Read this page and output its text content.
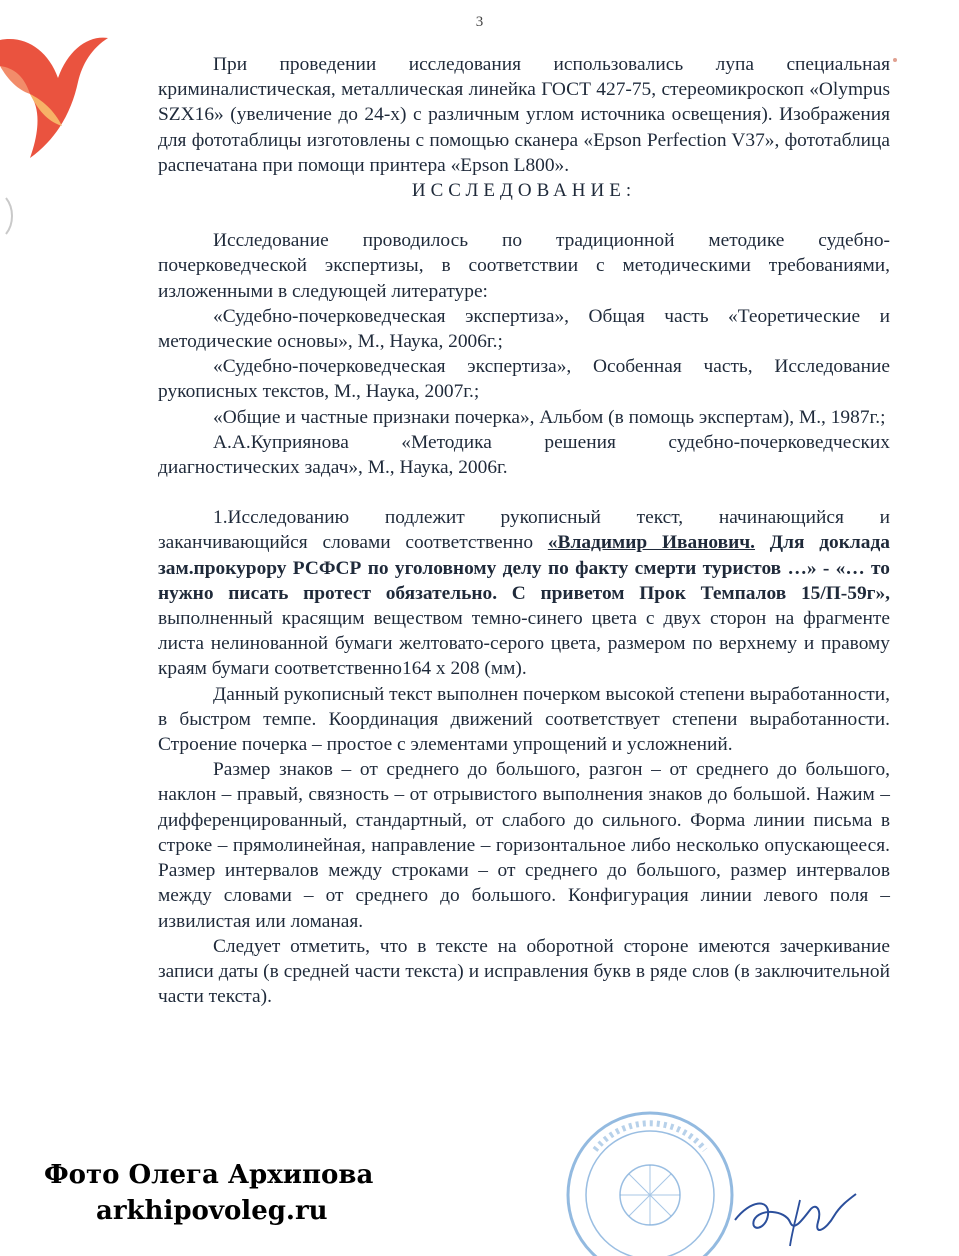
3

При проведении исследования использовались лупа специальная криминалистическая, металлическая линейка ГОСТ 427-75, стереомикроскоп «Olympus SZX16» (увеличение до 24-х) с различным углом источника освещения). Изображения для фототаблицы изготовлены с помощью сканера «Epson Perfection V37», фототаблица распечатана при помощи принтера «Epson L800».

ИССЛЕДОВАНИЕ:

Исследование проводилось по традиционной методике судебно-почерковедческой экспертизы, в соответствии с методическими требованиями, изложенными в следующей литературе:

«Судебно-почерковедческая экспертиза», Общая часть «Теоретические и методические основы», М., Наука, 2006г.;

«Судебно-почерковедческая экспертиза», Особенная часть, Исследование рукописных текстов, М., Наука, 2007г.;

«Общие и частные признаки почерка», Альбом (в помощь экспертам), М., 1987г.;

А.А.Куприянова «Методика решения судебно-почерковедческих диагностических задач», М., Наука, 2006г.

1.Исследованию подлежит рукописный текст, начинающийся и заканчивающийся словами соответственно «Владимир Иванович. Для доклада зам.прокурору РСФСР по уголовному делу по факту смерти туристов …» - «… то нужно писать протест обязательно. С приветом Прок Темпалов 15/П-59г», выполненный красящим веществом темно-синего цвета с двух сторон на фрагменте листа нелинованной бумаги желтовато-серого цвета, размером по верхнему и правому краям бумаги соответственно164 х 208 (мм).

Данный рукописный текст выполнен почерком высокой степени выработанности, в быстром темпе. Координация движений соответствует степени выработанности. Строение почерка – простое с элементами упрощений и усложнений.

Размер знаков – от среднего до большого, разгон – от среднего до большого, наклон – правый, связность – от отрывистого выполнения знаков до большой. Нажим – дифференцированный, стандартный, от слабого до сильного. Форма линии письма в строке – прямолинейная, направление – горизонтальное либо несколько опускающееся. Размер интервалов между строками – от среднего до большого, размер интервалов между словами – от среднего до большого. Конфигурация линии левого поля – извилистая или ломаная.

Следует отметить, что в тексте на оборотной стороне имеются зачеркивание записи даты (в средней части текста) и исправления букв в ряде слов (в заключительной части текста).

Фото Олега Архипова
arkhipovoleg.ru
